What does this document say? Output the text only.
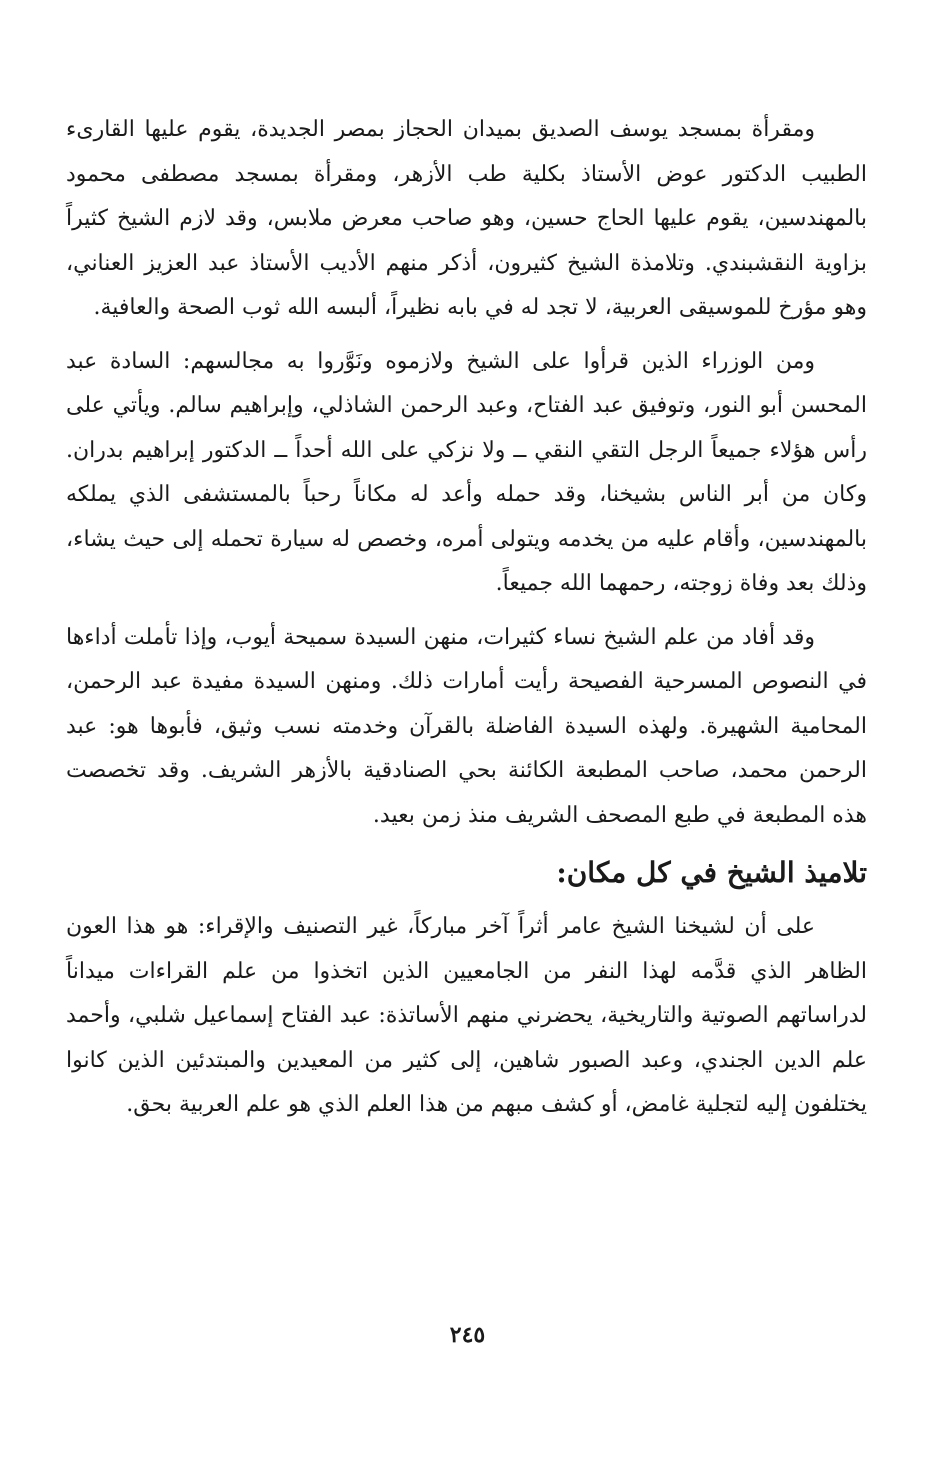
ومقرأة بمسجد يوسف الصديق بميدان الحجاز بمصر الجديدة، يقوم عليها القارىء الطبيب الدكتور عوض الأستاذ بكلية طب الأزهر، ومقرأة بمسجد مصطفى محمود بالمهندسين، يقوم عليها الحاج حسين، وهو صاحب معرض ملابس، وقد لازم الشيخ كثيراً بزاوية النقشبندي. وتلامذة الشيخ كثيرون، أذكر منهم الأديب الأستاذ عبد العزيز العناني، وهو مؤرخ للموسيقى العربية، لا تجد له في بابه نظيراً، ألبسه الله ثوب الصحة والعافية.

ومن الوزراء الذين قرأوا على الشيخ ولازموه ونَوَّروا به مجالسهم: السادة عبد المحسن أبو النور، وتوفيق عبد الفتاح، وعبد الرحمن الشاذلي، وإبراهيم سالم. ويأتي على رأس هؤلاء جميعاً الرجل التقي النقي ــ ولا نزكي على الله أحداً ــ الدكتور إبراهيم بدران. وكان من أبر الناس بشيخنا، وقد حمله وأعد له مكاناً رحباً بالمستشفى الذي يملكه بالمهندسين، وأقام عليه من يخدمه ويتولى أمره، وخصص له سيارة تحمله إلى حيث يشاء، وذلك بعد وفاة زوجته، رحمهما الله جميعاً.

وقد أفاد من علم الشيخ نساء كثيرات، منهن السيدة سميحة أيوب، وإذا تأملت أداءها في النصوص المسرحية الفصيحة رأيت أمارات ذلك. ومنهن السيدة مفيدة عبد الرحمن، المحامية الشهيرة. ولهذه السيدة الفاضلة بالقرآن وخدمته نسب وثيق، فأبوها هو: عبد الرحمن محمد، صاحب المطبعة الكائنة بحي الصنادقية بالأزهر الشريف. وقد تخصصت هذه المطبعة في طبع المصحف الشريف منذ زمن بعيد.

تلاميذ الشيخ في كل مكان:

على أن لشيخنا الشيخ عامر أثراً آخر مباركاً، غير التصنيف والإقراء: هو هذا العون الظاهر الذي قدَّمه لهذا النفر من الجامعيين الذين اتخذوا من علم القراءات ميداناً لدراساتهم الصوتية والتاريخية، يحضرني منهم الأساتذة: عبد الفتاح إسماعيل شلبي، وأحمد علم الدين الجندي، وعبد الصبور شاهين، إلى كثير من المعيدين والمبتدئين الذين كانوا يختلفون إليه لتجلية غامض، أو كشف مبهم من هذا العلم الذي هو علم العربية بحق.

٢٤٥
